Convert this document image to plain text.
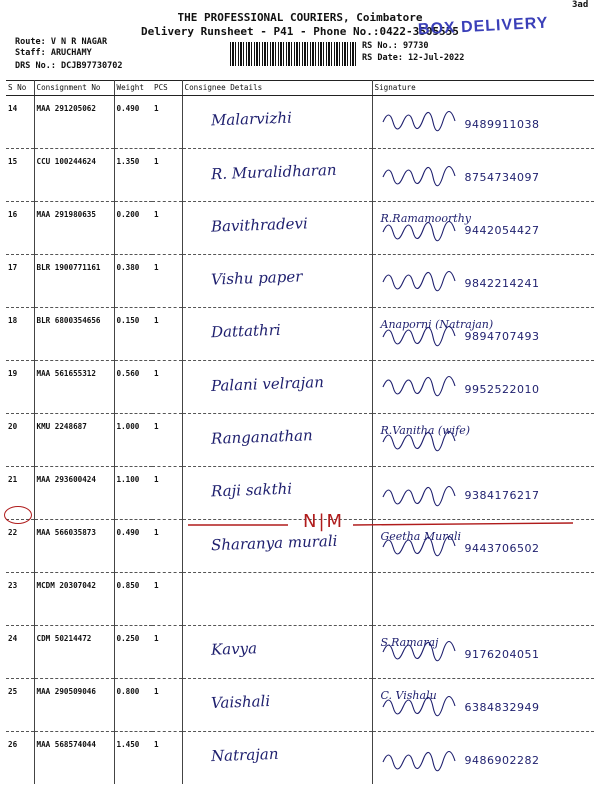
3ad
THE PROFESSIONAL COURIERS, Coimbatore
Delivery Runsheet - P41 - Phone No.:0422-3505555
BOX DELIVERY
Route: V N R NAGAR
Staff: ARUCHAMY
DRS No.: DCJB97730702
RS No.: 97730
RS Date: 12-Jul-2022
S No	Consignment No	Weight	PCS	Consignee Details	Signature
14	MAA 291205062	0.490	1	Malarvizhi	9489911038

15	CCU 100244624	1.350	1	R. Muralidharan	8754734097

16	MAA 291980635	0.200	1	Bavithradevi	R.Ramamoorthy
9442054427

17	BLR 1900771161	0.380	1	Vishu paper	9842214241

18	BLR 6800354656	0.150	1	Dattathri	Anaporni (Natrajan)
9894707493

19	MAA 561655312	0.560	1	Palani velrajan	9952522010

20	KMU 2248687	1.000	1	Ranganathan	R.Vanitha (wife)

21	MAA 293600424	1.100	1	Raji sakthi	9384176217

22	MAA 566035873	0.490	1	Sharanya murali	Geetha Murali
9443706502

23	MCDM 20307042	0.850	1		

24	CDM 50214472	0.250	1	Kavya	S.Ramaraj
9176204051

25	MAA 290509046	0.800	1	Vaishali	C. Vishalu
6384832949

26	MAA 568574044	1.450	1	Natrajan	9486902282
N|M
